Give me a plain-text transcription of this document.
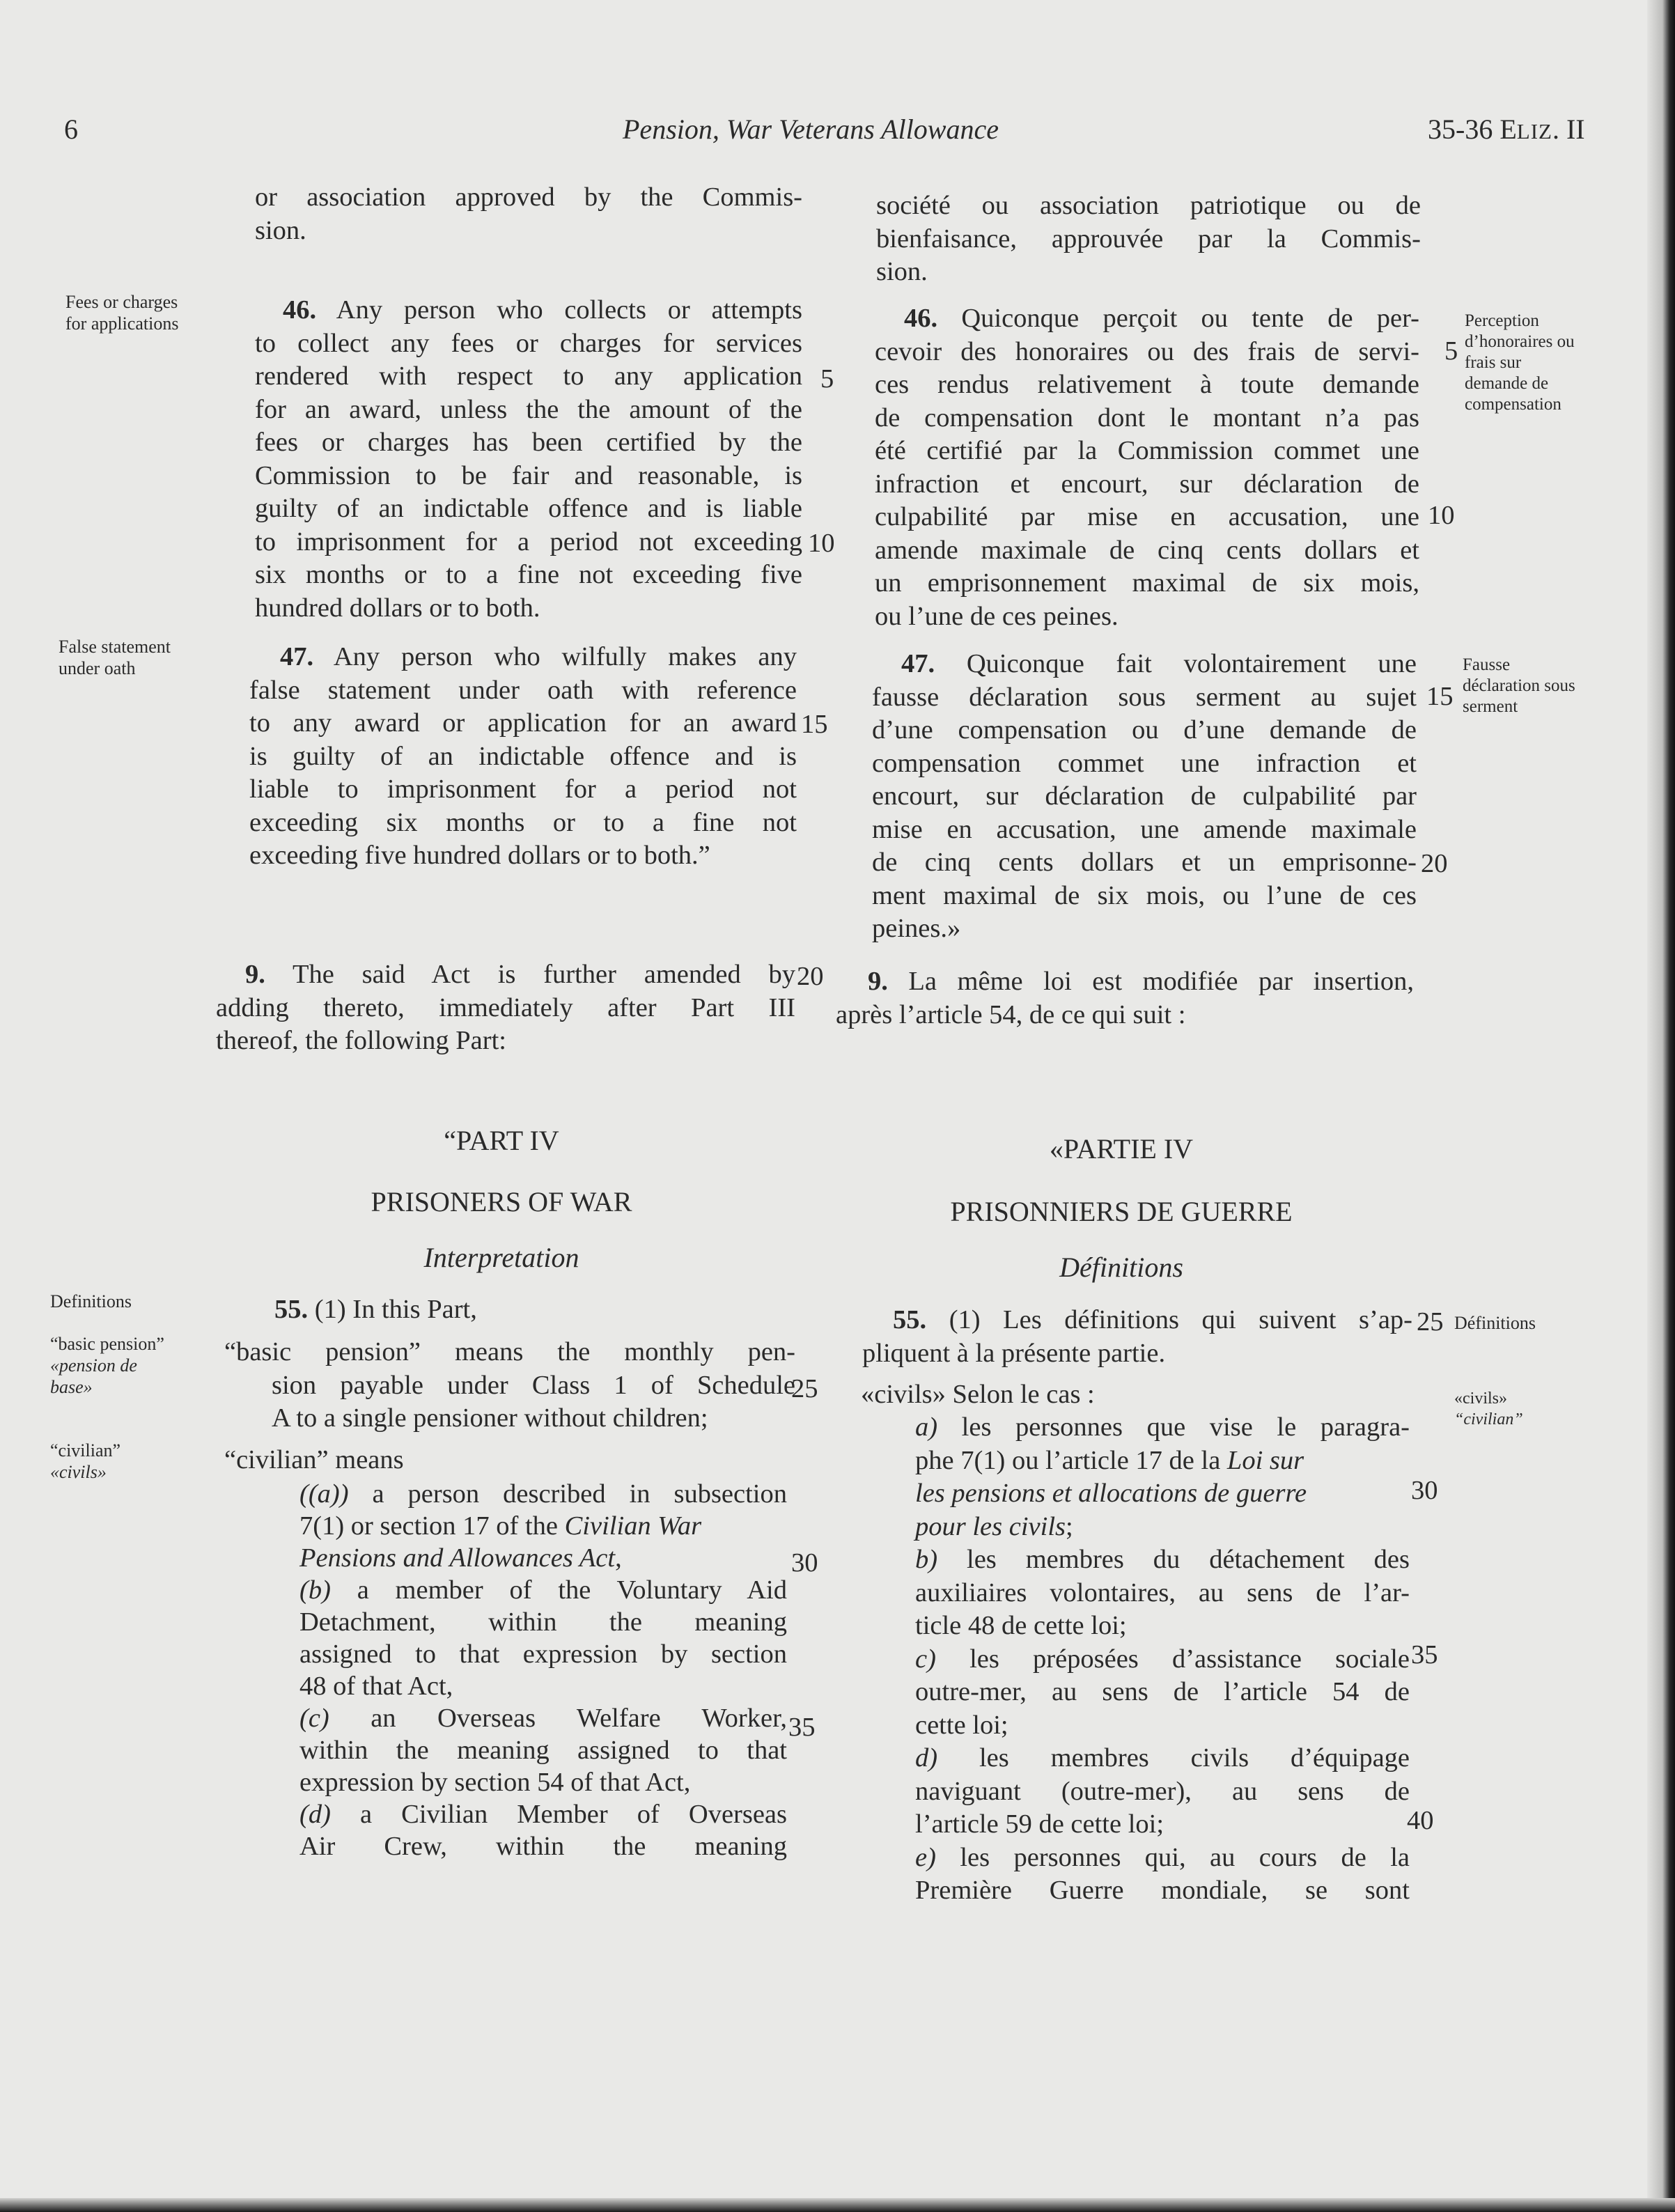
6	Pension, War Veterans Allowance	35-36 ELIZ. II
Fees or charges
for applications
False statement
under oath
Definitions
“basic pension”
«pension de
base»
“civilian”
«civils»
Perception
d’honoraires ou
frais sur
demande de
compensation
Fausse
déclaration sous
serment
Définitions
«civils»
“civilian”

or association approved by the Commis-

sion.

46. Any person who collects or attempts

to collect any fees or charges for services

rendered with respect to any application

for an award, unless the the amount of the

fees or charges has been certified by the

Commission to be fair and reasonable, is

guilty of an indictable offence and is liable

to imprisonment for a period not exceeding

six months or to a fine not exceeding five

hundred dollars or to both.

47. Any person who wilfully makes any

false statement under oath with reference

to any award or application for an award

is guilty of an indictable offence and is

liable to imprisonment for a period not

exceeding six months or to a fine not

exceeding five hundred dollars or to both.”

9. The said Act is further amended by

adding thereto, immediately after Part III

thereof, the following Part:

“PART IV
PRISONERS OF WAR
Interpretation
55. (1) In this Part,

“basic pension” means the monthly pen-

sion payable under Class 1 of Schedule

A to a single pensioner without children;

“civilian” means

((a)) a person described in subsection

7(1) or section 17 of the Civilian War

Pensions and Allowances Act,

(b) a member of the Voluntary Aid

Detachment, within the meaning

assigned to that expression by section

48 of that Act,

(c) an Overseas Welfare Worker,

within the meaning assigned to that

expression by section 54 of that Act,

(d) a Civilian Member of Overseas

Air Crew, within the meaning

5
10
15
20
25
30
35

société ou association patriotique ou de

bienfaisance, approuvée par la Commis-

sion.

46. Quiconque perçoit ou tente de per-

cevoir des honoraires ou des frais de servi-

ces rendus relativement à toute demande

de compensation dont le montant n’a pas

été certifié par la Commission commet une

infraction et encourt, sur déclaration de

culpabilité par mise en accusation, une

amende maximale de cinq cents dollars et

un emprisonnement maximal de six mois,

ou l’une de ces peines.

47. Quiconque fait volontairement une

fausse déclaration sous serment au sujet

d’une compensation ou d’une demande de

compensation commet une infraction et

encourt, sur déclaration de culpabilité par

mise en accusation, une amende maximale

de cinq cents dollars et un emprisonne-

ment maximal de six mois, ou l’une de ces

peines.»

9. La même loi est modifiée par insertion,

après l’article 54, de ce qui suit :

«PARTIE IV
PRISONNIERS DE GUERRE
Définitions

55. (1) Les définitions qui suivent s’ap-

pliquent à la présente partie.

«civils» Selon le cas :

a) les personnes que vise le paragra-

phe 7(1) ou l’article 17 de la Loi sur

les pensions et allocations de guerre

pour les civils;

b) les membres du détachement des

auxiliaires volontaires, au sens de l’ar-

ticle 48 de cette loi;

c) les préposées d’assistance sociale

outre-mer, au sens de l’article 54 de

cette loi;

d) les membres civils d’équipage

naviguant (outre-mer), au sens de

l’article 59 de cette loi;

e) les personnes qui, au cours de la

Première Guerre mondiale, se sont

5
10
15
20
25
30
35
40
